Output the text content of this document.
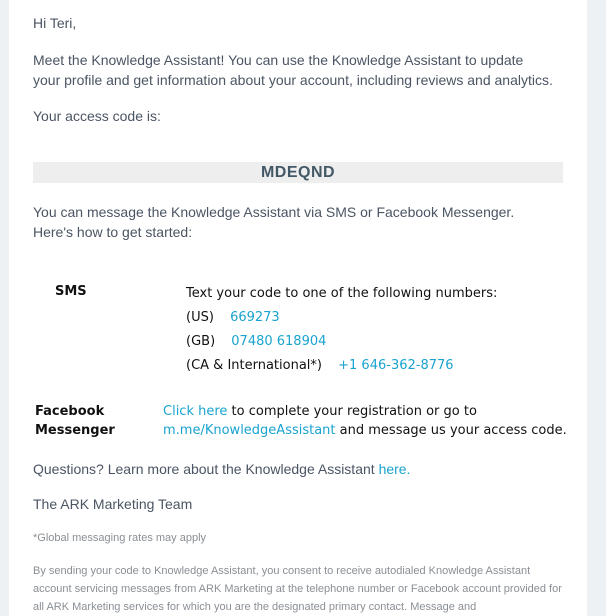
Hi Teri,

Meet the Knowledge Assistant! You can use the Knowledge Assistant to update your profile and get information about your account, including reviews and analytics.

Your access code is:

MDEQND

You can message the Knowledge Assistant via SMS or Facebook Messenger. Here's how to get started:

SMS	Text your code to one of the following numbers:
(US) 669273
(GB) 07480 618904
(CA & International*) +1 646-362-8776
Facebook
Messenger
Click here to complete your registration or go to
m.me/KnowledgeAssistant and message us your access code.

Questions? Learn more about the Knowledge Assistant here.

The ARK Marketing Team

*Global messaging rates may apply

By sending your code to Knowledge Assistant, you consent to receive autodialed Knowledge Assistant account servicing messages from ARK Marketing at the telephone number or Facebook account provided for all ARK Marketing services for which you are the designated primary contact. Message and
